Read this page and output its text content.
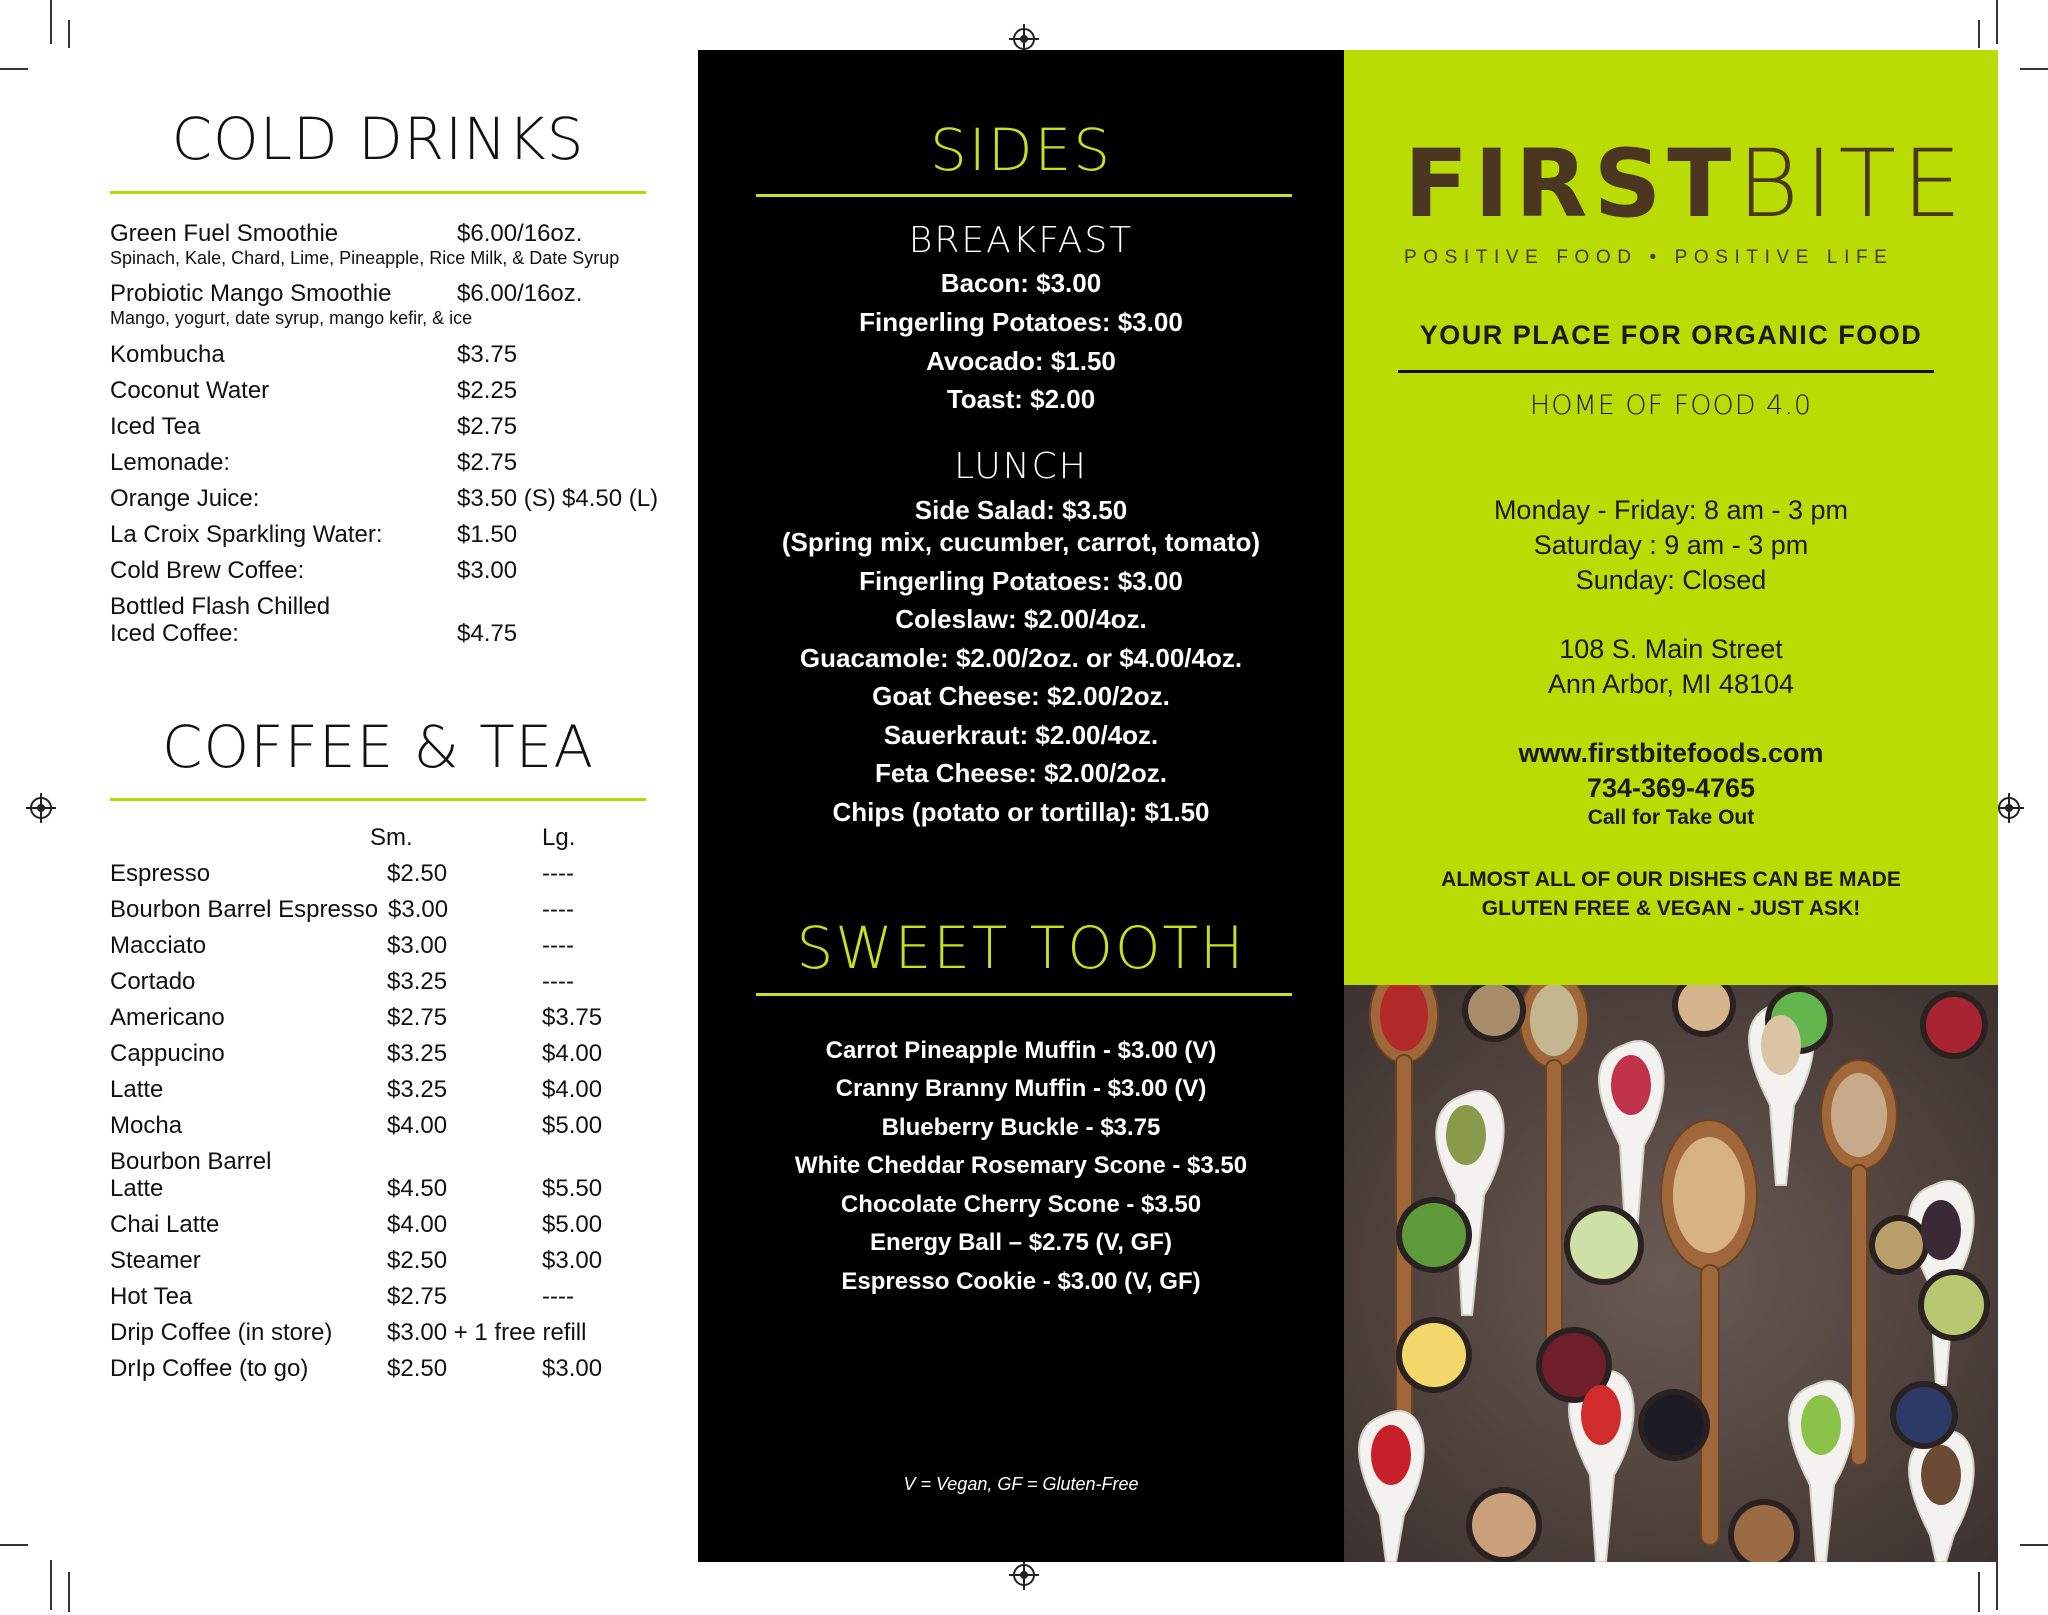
COLD DRINKS
Green Fuel Smoothie	$6.00/16oz.
Spinach, Kale, Chard, Lime, Pineapple, Rice Milk, & Date Syrup
Probiotic Mango Smoothie	$6.00/16oz.
Mango, yogurt, date syrup, mango kefir, & ice
Kombucha	$3.75
Coconut Water	$2.25
Iced Tea	$2.75
Lemonade:	$2.75
Orange Juice:	$3.50 (S) $4.50 (L)
La Croix Sparkling Water:	$1.50
Cold Brew Coffee:	$3.00
Bottled Flash Chilled
Iced Coffee:	$4.75
COFFEE & TEA
Sm.	Lg.
Espresso	$2.50	----
Bourbon Barrel Espresso $3.00	----
Macciato	$3.00	----
Cortado	$3.25	----
Americano	$2.75	$3.75
Cappucino	$3.25	$4.00
Latte	$3.25	$4.00
Mocha	$4.00	$5.00
Bourbon Barrel
Latte	$4.50	$5.50
Chai Latte	$4.00	$5.00
Steamer	$2.50	$3.00
Hot Tea	$2.75	----
Drip Coffee (in store) $3.00 + 1 free refill
DrIp Coffee (to go)	$2.50	$3.00
SIDES
BREAKFAST
Bacon: $3.00
Fingerling Potatoes: $3.00
Avocado: $1.50
Toast: $2.00
LUNCH
Side Salad: $3.50
(Spring mix, cucumber, carrot, tomato)
Fingerling Potatoes: $3.00
Coleslaw: $2.00/4oz.
Guacamole: $2.00/2oz. or $4.00/4oz.
Goat Cheese: $2.00/2oz.
Sauerkraut: $2.00/4oz.
Feta Cheese: $2.00/2oz.
Chips (potato or tortilla): $1.50
SWEET TOOTH
Carrot Pineapple Muffin - $3.00 (V)
Cranny Branny Muffin - $3.00 (V)
Blueberry Buckle - $3.75
White Cheddar Rosemary Scone - $3.50
Chocolate Cherry Scone - $3.50
Energy Ball – $2.75 (V, GF)
Espresso Cookie - $3.00 (V, GF)
V = Vegan, GF = Gluten-Free
FIRSTBITE
POSITIVE FOOD • POSITIVE LIFE
YOUR PLACE FOR ORGANIC FOOD
HOME OF FOOD 4.0
Monday - Friday: 8 am - 3 pm
Saturday : 9 am - 3 pm
Sunday: Closed
108 S. Main Street
Ann Arbor, MI 48104
www.firstbitefoods.com
734-369-4765
Call for Take Out
ALMOST ALL OF OUR DISHES CAN BE MADE
GLUTEN FREE & VEGAN - JUST ASK!
